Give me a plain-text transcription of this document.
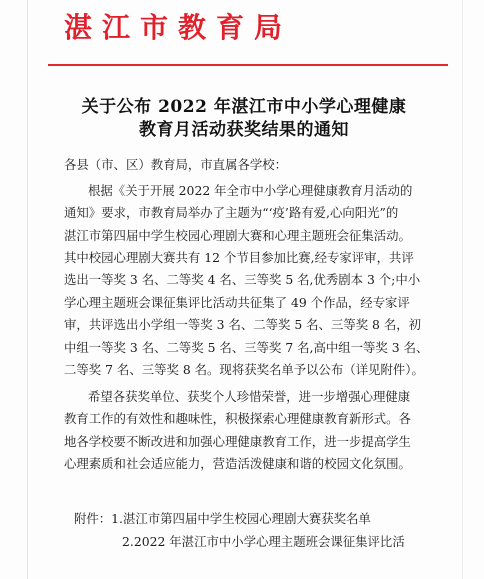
湛江市教育局
关于公布 2022 年湛江市中小学心理健康
教育月活动获奖结果的通知
各县（市、区）教育局，市直属各学校：
根据《关于开展 2022 年全市中小学心理健康教育月活动的
通知》要求，市教育局举办了主题为“‘疫’路有爱,心向阳光”的
湛江市第四届中学生校园心理剧大赛和心理主题班会征集活动。
其中校园心理剧大赛共有 12 个节目参加比赛,经专家评审，共评
选出一等奖 3 名、二等奖 4 名、三等奖 5 名,优秀剧本 3 个;中小
学心理主题班会课征集评比活动共征集了 49 个作品，经专家评
审，共评选出小学组一等奖 3 名、二等奖 5 名、三等奖 8 名，初
中组一等奖 3 名、二等奖 5 名、三等奖 7 名,高中组一等奖 3 名、
二等奖 7 名、三等奖 8 名。现将获奖名单予以公布（详见附件）。
希望各获奖单位、获奖个人珍惜荣誉，进一步增强心理健康
教育工作的有效性和趣味性，积极探索心理健康教育新形式。各
地各学校要不断改进和加强心理健康教育工作，进一步提高学生
心理素质和社会适应能力，营造活泼健康和谐的校园文化氛围。
附件：1.湛江市第四届中学生校园心理剧大赛获奖名单
2.2022 年湛江市中小学心理主题班会课征集评比活
